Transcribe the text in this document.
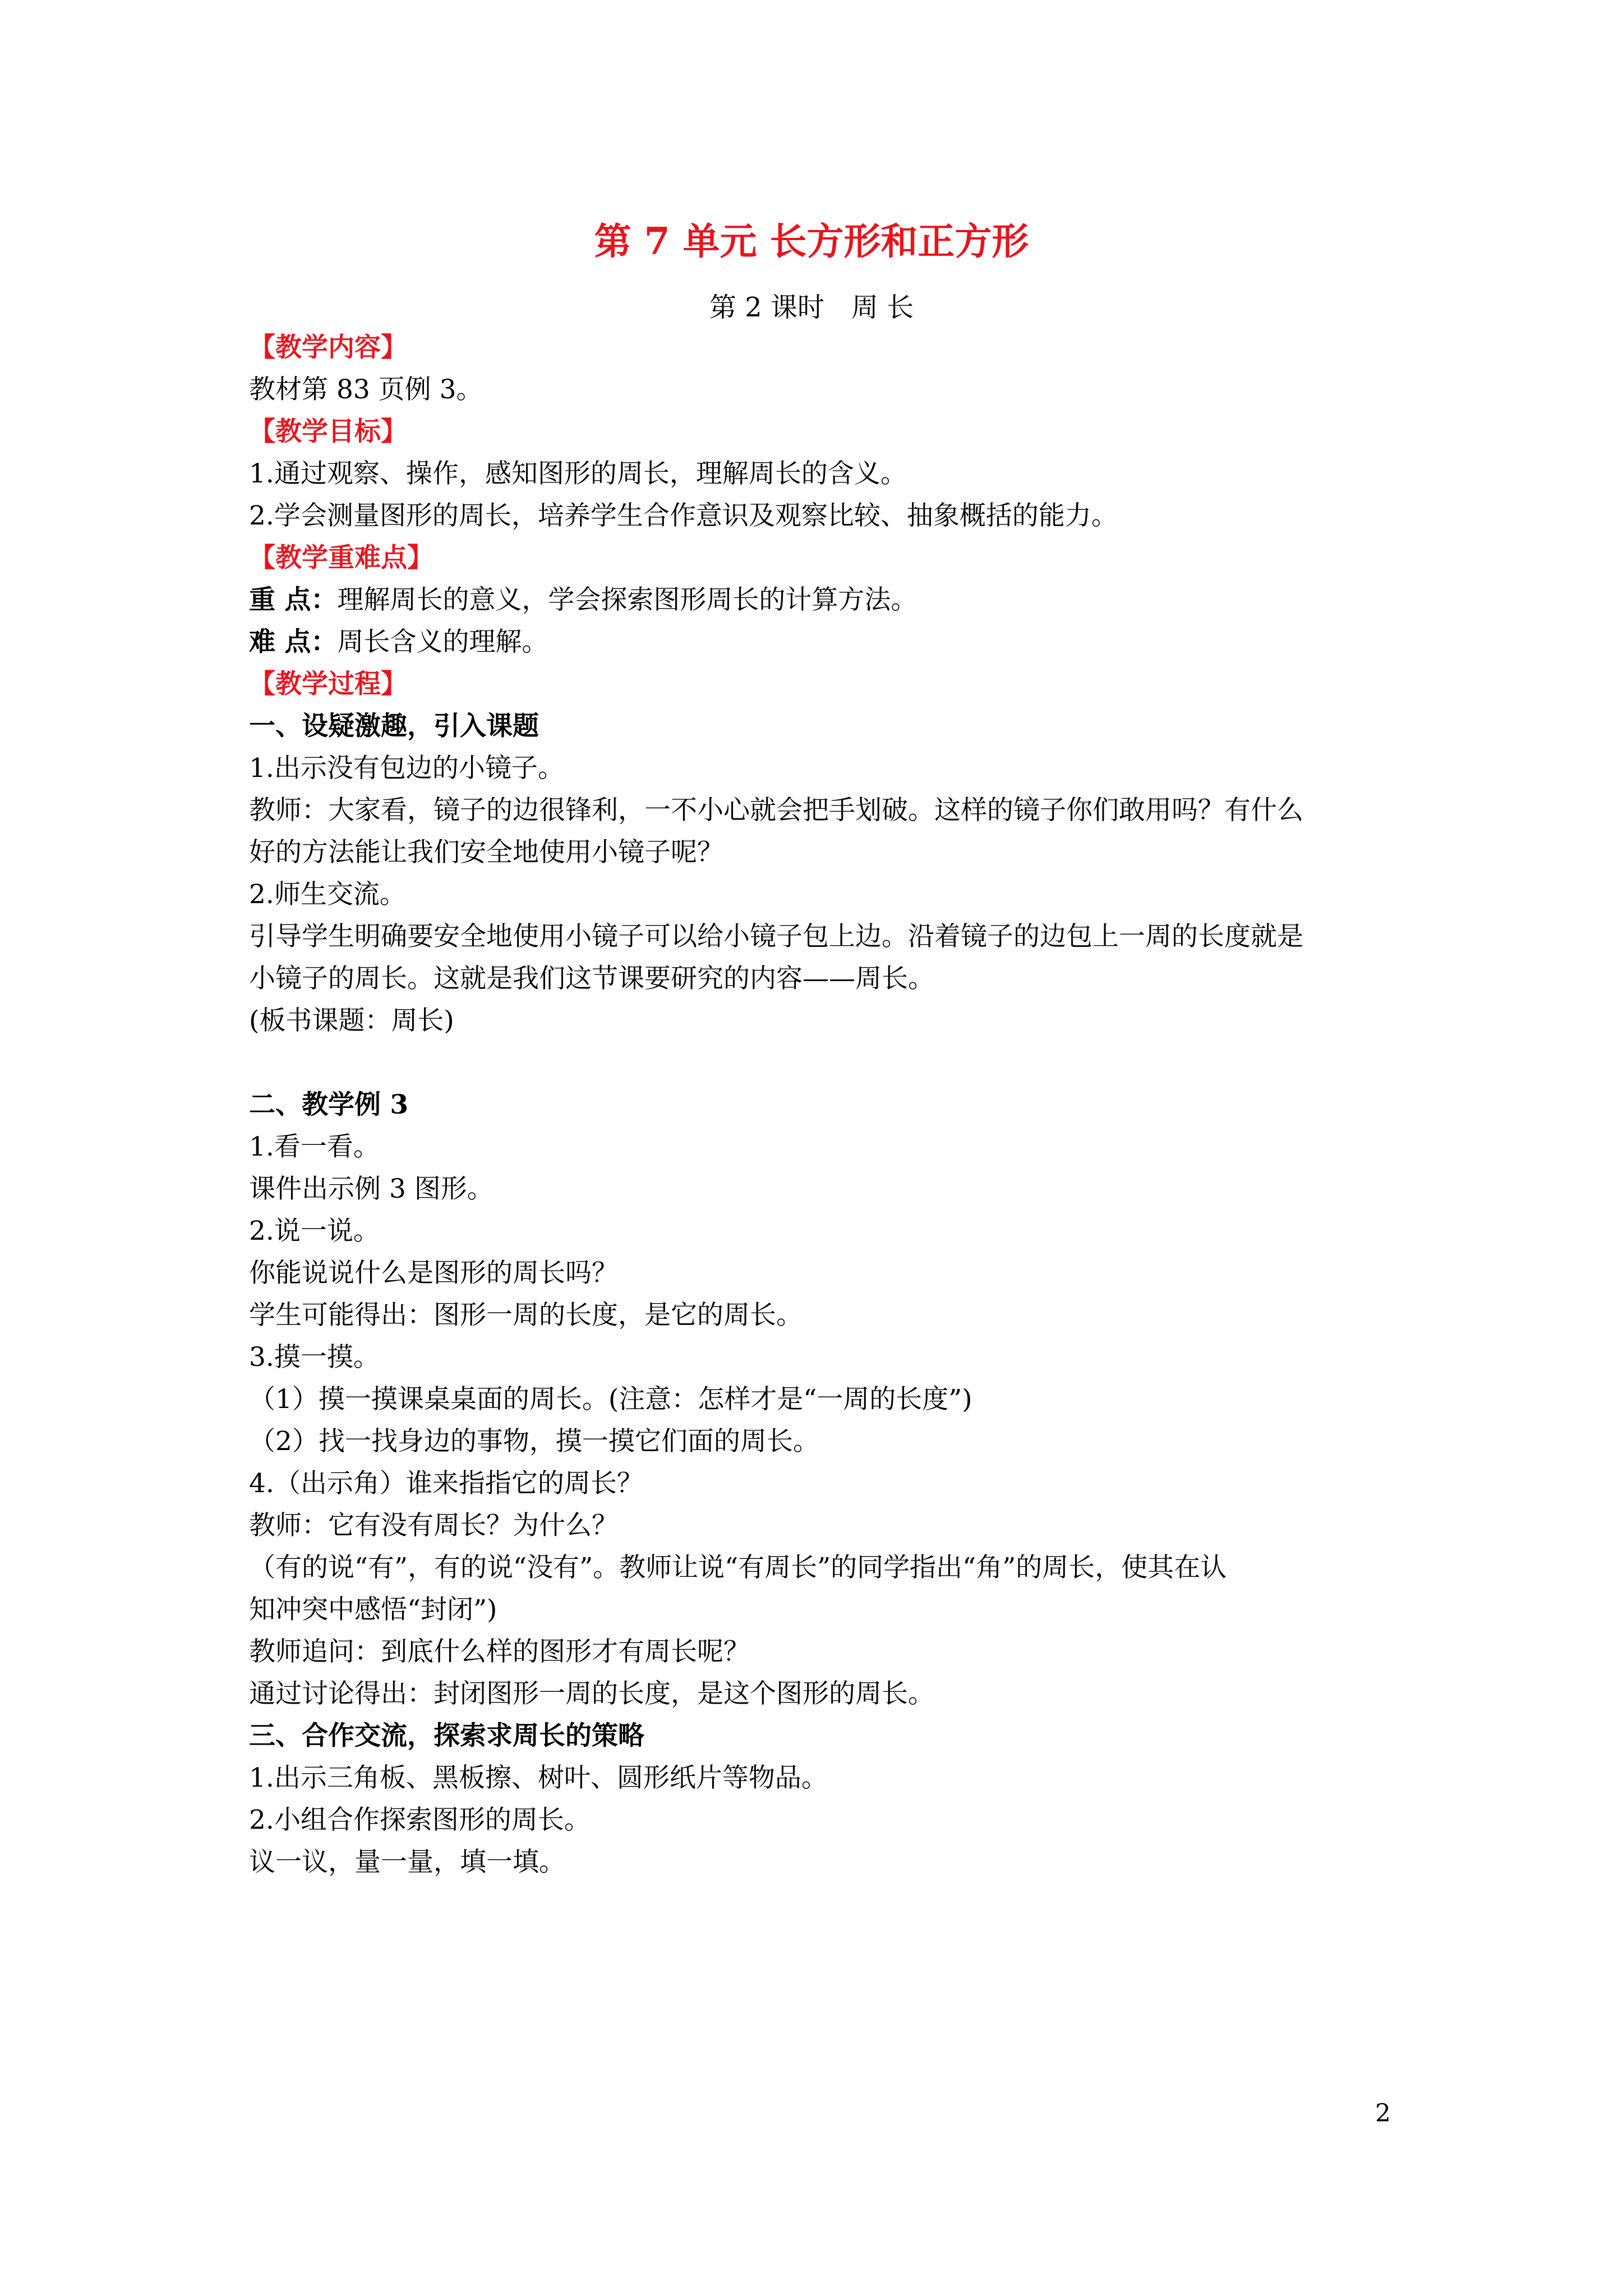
第 7 单元 长方形和正方形
第 2 课时 周 长
【教学内容】
教材第 83 页例 3。
【教学目标】
1.通过观察、操作，感知图形的周长，理解周长的含义。
2.学会测量图形的周长，培养学生合作意识及观察比较、抽象概括的能力。
【教学重难点】
重 点：理解周长的意义，学会探索图形周长的计算方法。
难 点：周长含义的理解。
【教学过程】
一、设疑激趣，引入课题
1.出示没有包边的小镜子。
教师：大家看，镜子的边很锋利，一不小心就会把手划破。这样的镜子你们敢用吗？有什么
好的方法能让我们安全地使用小镜子呢？
2.师生交流。
引导学生明确要安全地使用小镜子可以给小镜子包上边。沿着镜子的边包上一周的长度就是
小镜子的周长。这就是我们这节课要研究的内容——周长。
(板书课题：周长)
二、教学例 3
1.看一看。
课件出示例 3 图形。
2.说一说。
你能说说什么是图形的周长吗？
学生可能得出：图形一周的长度，是它的周长。
3.摸一摸。
（1）摸一摸课桌桌面的周长。(注意：怎样才是“一周的长度”)
（2）找一找身边的事物，摸一摸它们面的周长。
4.（出示角）谁来指指它的周长？
教师：它有没有周长？为什么？
（有的说“有”，有的说“没有”。教师让说“有周长”的同学指出“角”的周长，使其在认
知冲突中感悟“封闭”)
教师追问：到底什么样的图形才有周长呢？
通过讨论得出：封闭图形一周的长度，是这个图形的周长。
三、合作交流，探索求周长的策略
1.出示三角板、黑板擦、树叶、圆形纸片等物品。
2.小组合作探索图形的周长。
议一议，量一量，填一填。
2
